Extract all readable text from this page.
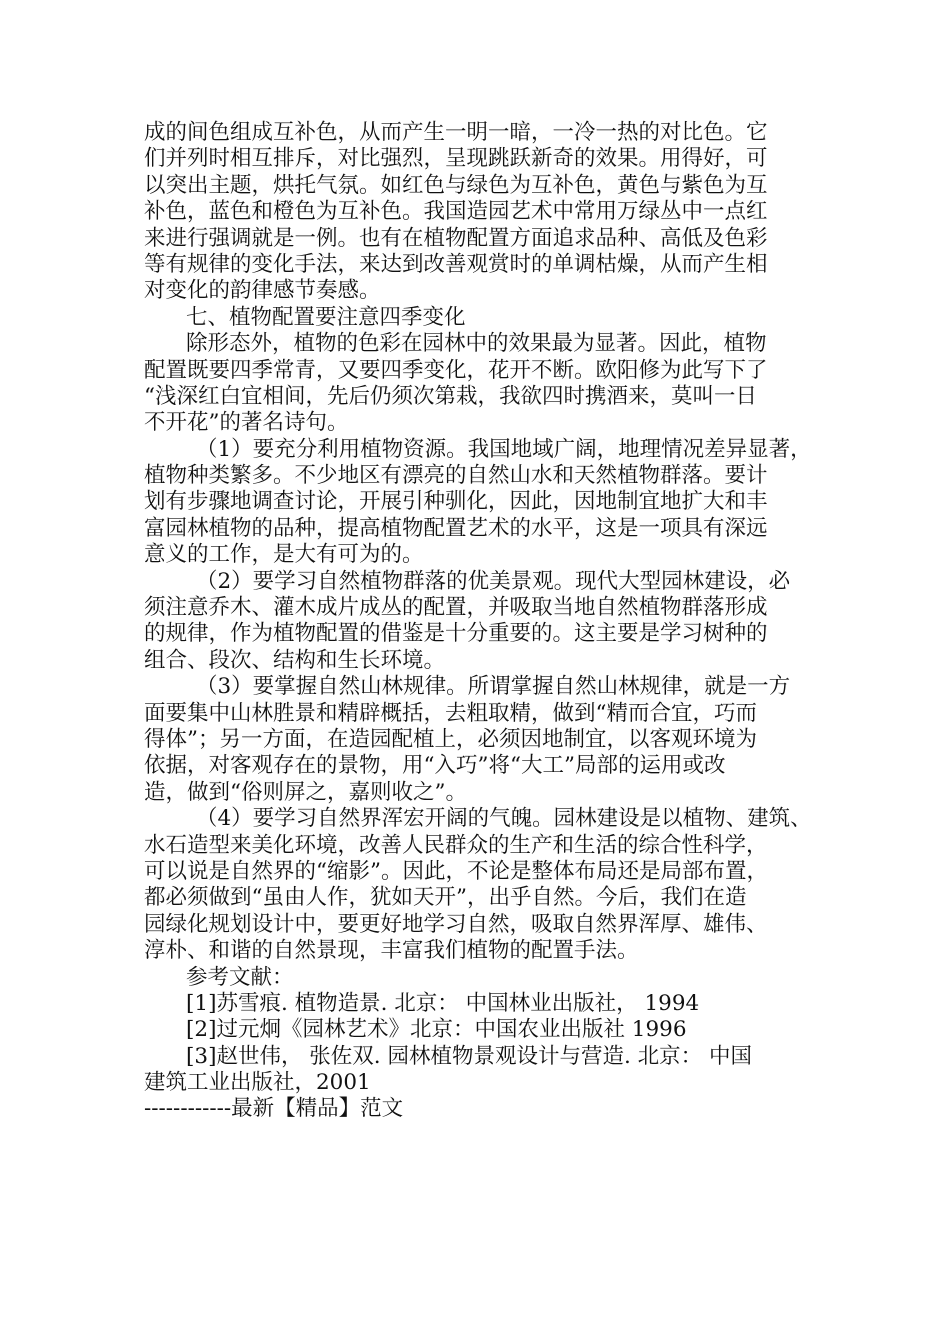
成的间色组成互补色，从而产生一明一暗，一冷一热的对比色。它
们并列时相互排斥，对比强烈，呈现跳跃新奇的效果。用得好，可
以突出主题，烘托气氛。如红色与绿色为互补色，黄色与紫色为互
补色，蓝色和橙色为互补色。我国造园艺术中常用万绿丛中一点红
来进行强调就是一例。也有在植物配置方面追求品种、高低及色彩
等有规律的变化手法，来达到改善观赏时的单调枯燥，从而产生相
对变化的韵律感节奏感。
七、植物配置要注意四季变化
除形态外，植物的色彩在园林中的效果最为显著。因此，植物
配置既要四季常青，又要四季变化，花开不断。欧阳修为此写下了
“浅深红白宜相间，先后仍须次第栽，我欲四时携酒来，莫叫一日
不开花”的著名诗句。
（1）要充分利用植物资源。我国地域广阔，地理情况差异显著，
植物种类繁多。不少地区有漂亮的自然山水和天然植物群落。要计
划有步骤地调查讨论，开展引种驯化，因此，因地制宜地扩大和丰
富园林植物的品种，提高植物配置艺术的水平，这是一项具有深远
意义的工作，是大有可为的。
（2）要学习自然植物群落的优美景观。现代大型园林建设，必
须注意乔木、灌木成片成丛的配置，并吸取当地自然植物群落形成
的规律，作为植物配置的借鉴是十分重要的。这主要是学习树种的
组合、段次、结构和生长环境。
（3）要掌握自然山林规律。所谓掌握自然山林规律，就是一方
面要集中山林胜景和精辟概括，去粗取精，做到“精而合宜，巧而
得体”；另一方面，在造园配植上，必须因地制宜，以客观环境为
依据，对客观存在的景物，用“入巧”将“大工”局部的运用或改
造，做到“俗则屏之，嘉则收之”。
（4）要学习自然界浑宏开阔的气魄。园林建设是以植物、建筑、
水石造型来美化环境，改善人民群众的生产和生活的综合性科学，
可以说是自然界的“缩影”。因此，不论是整体布局还是局部布置，
都必须做到“虽由人作，犹如天开”，出乎自然。今后，我们在造
园绿化规划设计中，要更好地学习自然，吸取自然界浑厚、雄伟、
淳朴、和谐的自然景现，丰富我们植物的配置手法。
参考文献：
[1]苏雪痕. 植物造景. 北京： 中国林业出版社， 1994
[2]过元炯《园林艺术》北京：中国农业出版社 1996
[3]赵世伟， 张佐双. 园林植物景观设计与营造. 北京： 中国
建筑工业出版社，2001
------------最新【精品】范文
